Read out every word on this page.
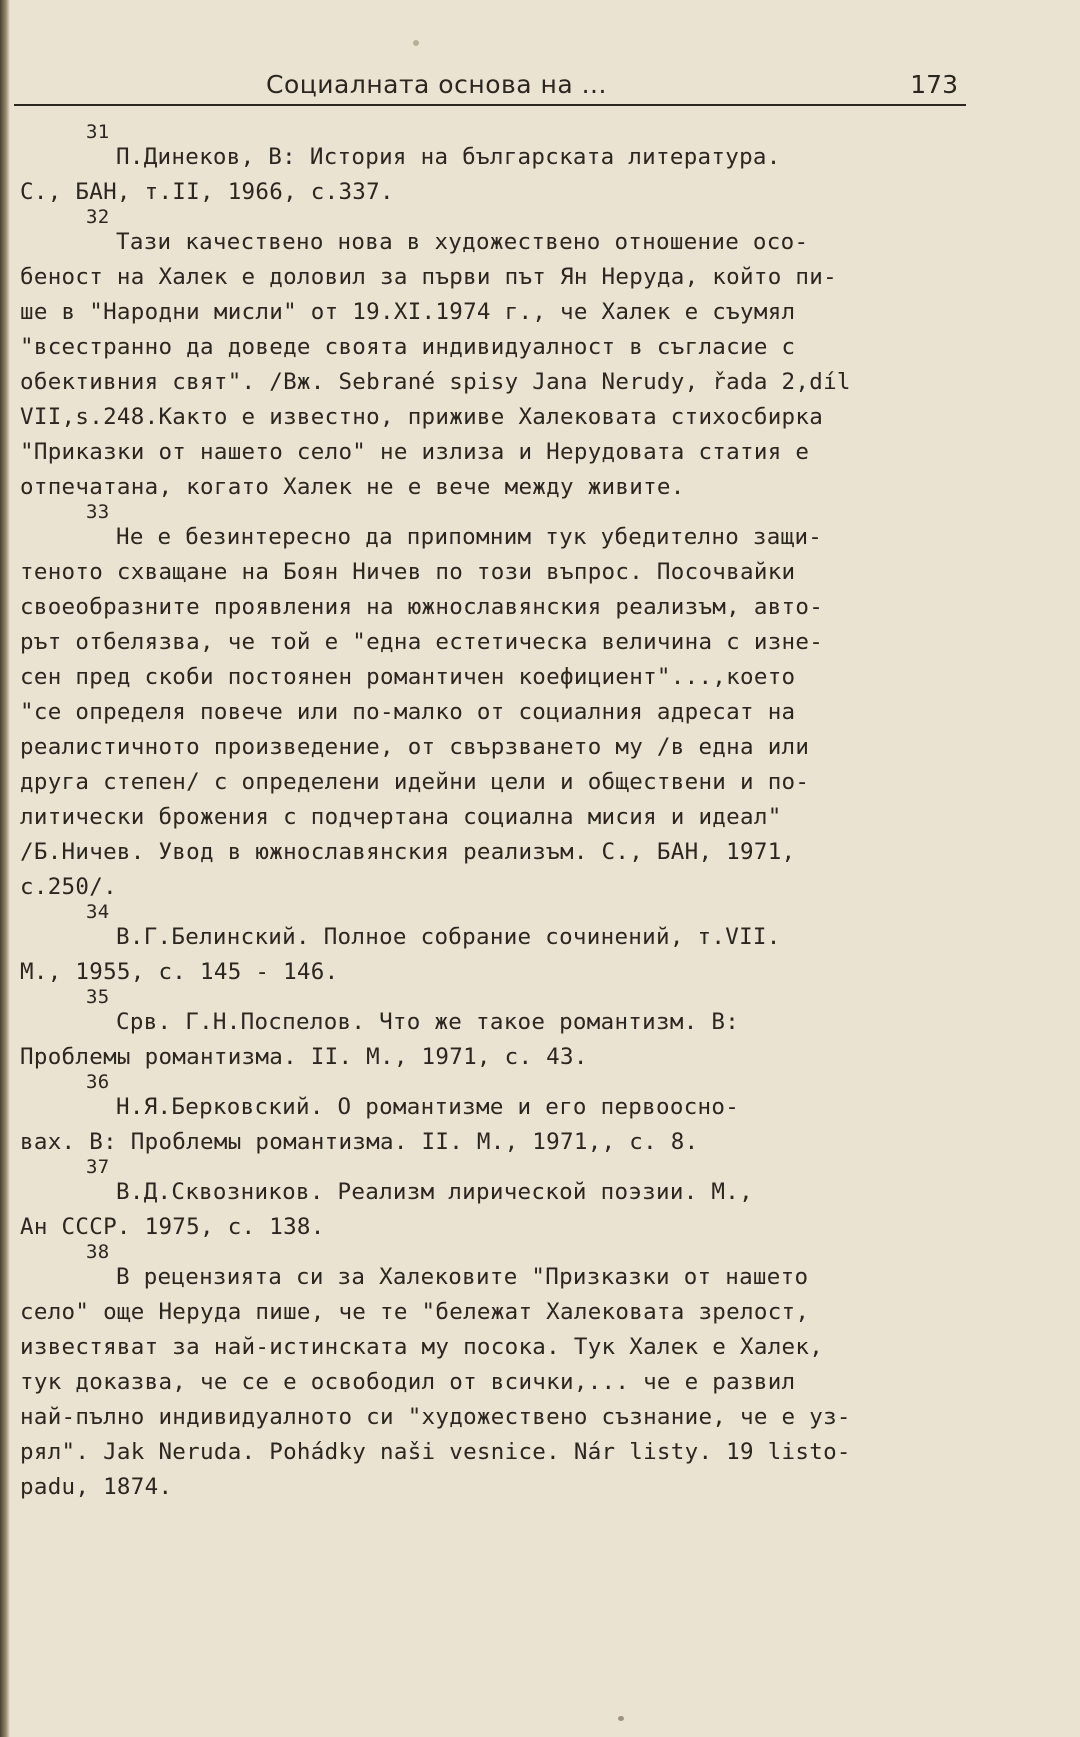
Социалната основа на ...	173
31
П.Динеков, В: История на българската литература.
С., БАН, т.II, 1966, с.337.
32
Тази качествено нова в художествено отношение осо-
беност на Халек е доловил за първи път Ян Неруда, който пи-
ше в "Народни мисли" от 19.XI.1974 г., че Халек е съумял
"всестранно да доведе своята индивидуалност в съгласие с
обективния свят". /Вж. Sebrané spisy Jana Nerudy, řada 2,díl
VII,s.248.Както е известно, приживе Халековата стихосбирка
"Приказки от нашето село" не излиза и Нерудовата статия е
отпечатана, когато Халек не е вече между живите.
33
Не е безинтересно да припомним тук убедително защи-
теното схващане на Боян Ничев по този въпрос. Посочвайки
своеобразните проявления на южнославянския реализъм, авто-
рът отбелязва, че той е "една естетическа величина с изне-
сен пред скоби постоянен романтичен коефициент"...,което
"се определя повече или по-малко от социалния адресат на
реалистичното произведение, от свързването му /в една или
друга степен/ с определени идейни цели и обществени и по-
литически брожения с подчертана социална мисия и идеал"
/Б.Ничев. Увод в южнославянския реализъм. С., БАН, 1971,
с.250/.
34
В.Г.Белинский. Полное собрание сочинений, т.VII.
М., 1955, с. 145 - 146.
35
Срв. Г.Н.Поспелов. Что же такое романтизм. В:
Проблемы романтизма. II. М., 1971, с. 43.
36
Н.Я.Берковский. О романтизме и его первоосно-
вах. В: Проблемы романтизма. II. М., 1971,, с. 8.
37
В.Д.Сквозников. Реализм лирической поэзии. М.,
Ан СССР. 1975, с. 138.
38
В рецензията си за Халековите "Призказки от нашето
село" още Неруда пише, че те "бележат Халековата зрелост,
известяват за най-истинската му посока. Тук Халек е Халек,
тук доказва, че се е освободил от всички,... че е развил
най-пълно индивидуалното си "художествено съзнание, че е уз-
рял". Jak Neruda. Pohádky naši vesnice. Nár listy. 19 listo-
padu, 1874.
